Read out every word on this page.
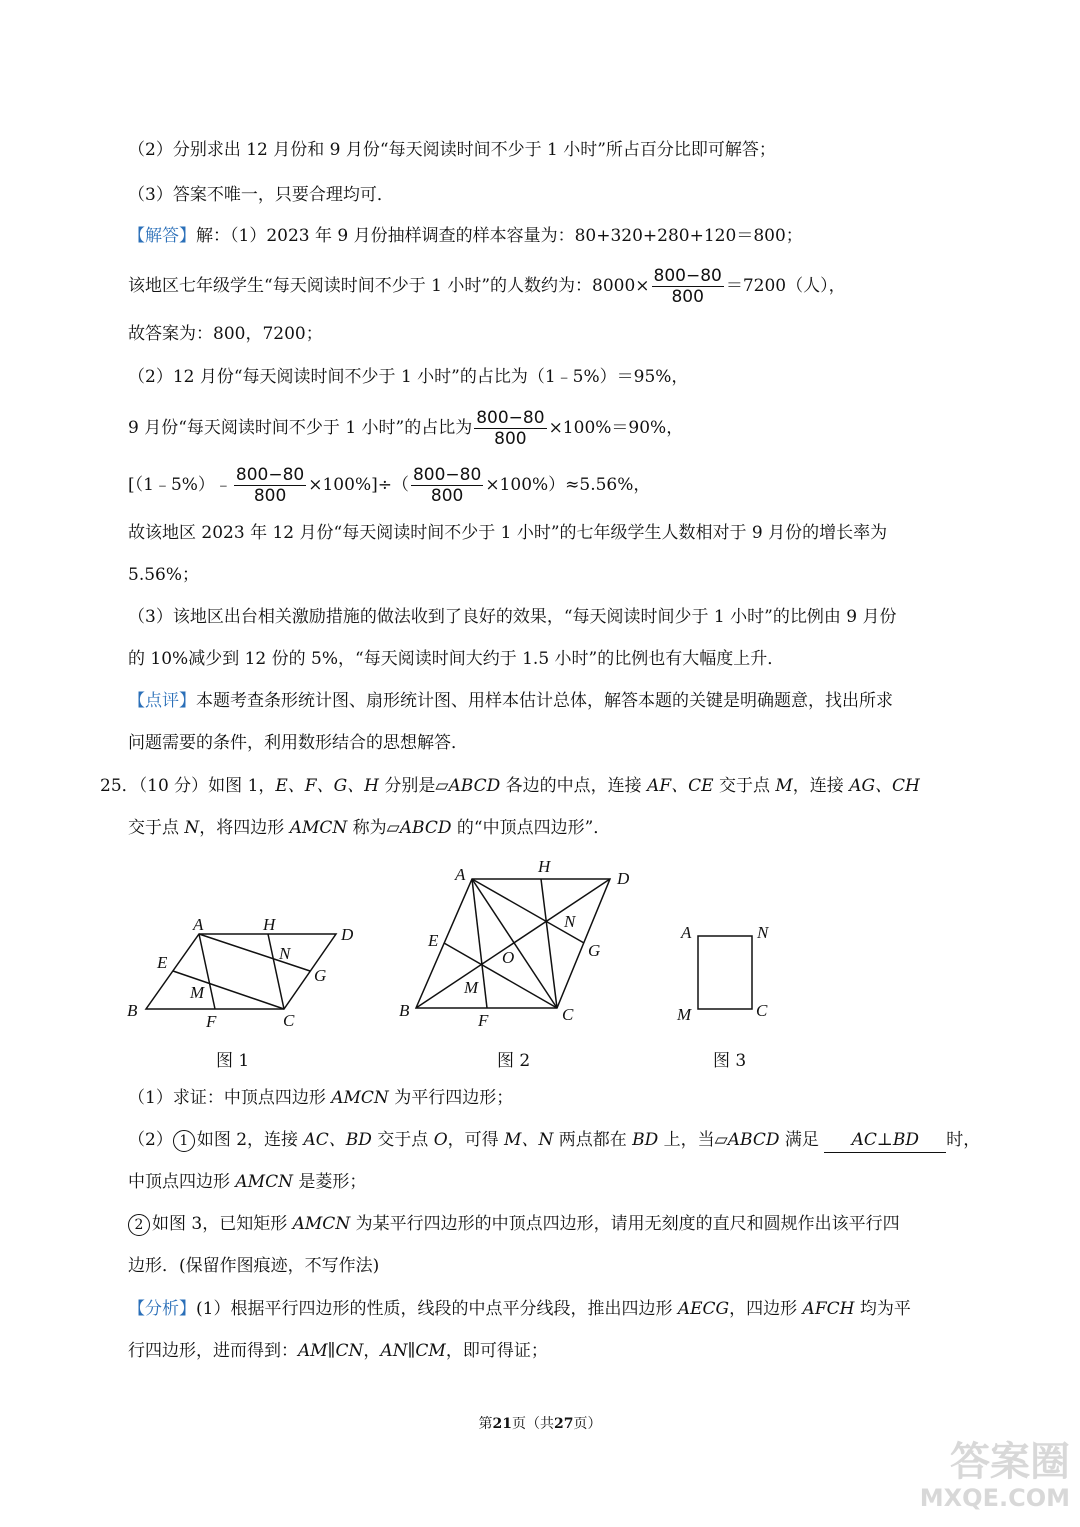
（2）分别求出 12 月份和 9 月份“每天阅读时间不少于 1 小时”所占百分比即可解答；
（3）答案不唯一，只要合理均可．
【解答】解：（1）2023 年 9 月份抽样调查的样本容量为：80+320+280+120＝800；
该地区七年级学生“每天阅读时间不少于 1 小时”的人数约为：$8000\times \frac{800-80}{800} =7200$（人），
故答案为：800，7200；
（2）12 月份“每天阅读时间不少于 1 小时”的占比为（1﹣5%）＝95%，
9 月份“每天阅读时间不少于 1 小时”的占比为 $\frac{800-80}{800} \times 100\%=90\%$，
[（1﹣5%）﹣ $\frac{800-80}{800} \times 100\%]\div( \frac{800-80}{800} \times 100\%)\approx 5.56\%$，
故该地区 2023 年 12 月份“每天阅读时间不少于 1 小时”的七年级学生人数相对于 9 月份的增长率为
5.56%；
（3）该地区出台相关激励措施的做法收到了良好的效果，“每天阅读时间少于 1 小时”的比例由 9 月份
的 10%减少到 12 份的 5%，“每天阅读时间大约于 1.5 小时”的比例也有大幅度上升．
【点评】本题考查条形统计图、扇形统计图、用样本估计总体，解答本题的关键是明确题意，找出所求
问题需要的条件，利用数形结合的思想解答．
25．（10 分）如图 1，E、F、G、H 分别是▱ABCD 各边的中点，连接 AF、CE 交于点 M，连接 AG、CH
交于点 N，将四边形 AMCN 称为▱ABCD 的“中顶点四边形”．
A
B
C
D
E
F
G
H
M
N
A
B	C
D
E
F
G
H
M
N
O
A	N
M	C
图 1	图 2	图 3
（1）求证：中顶点四边形 AMCN 为平行四边形；
（2） 1 如图 2，连接 AC、BD 交于点 O，可得 M、N 两点都在 BD 上，当▱ABCD 满足 AC⊥BD 时，
中顶点四边形 AMCN 是菱形；
2 如图 3，已知矩形 AMCN 为某平行四边形的中顶点四边形，请用无刻度的直尺和圆规作出该平行四
边形．(保留作图痕迹，不写作法)
【分析】(1）根据平行四边形的性质，线段的中点平分线段，推出四边形 AECG，四边形 AFCH 均为平
行四边形，进而得到：AM∥CN，AN∥CM，即可得证；
第21页（共27页）
答案圈
MXQE.COM
